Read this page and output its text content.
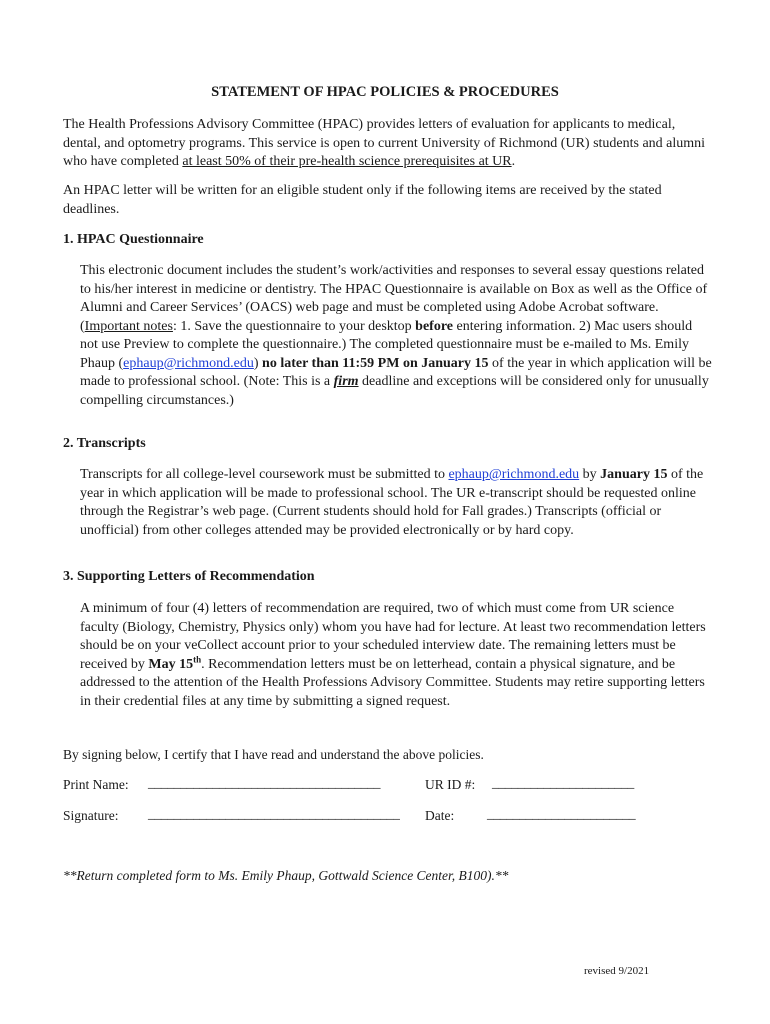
STATEMENT OF HPAC POLICIES & PROCEDURES
The Health Professions Advisory Committee (HPAC) provides letters of evaluation for applicants to medical, dental, and optometry programs. This service is open to current University of Richmond (UR) students and alumni who have completed at least 50% of their pre-health science prerequisites at UR.
An HPAC letter will be written for an eligible student only if the following items are received by the stated deadlines.
1. HPAC Questionnaire
This electronic document includes the student’s work/activities and responses to several essay questions related to his/her interest in medicine or dentistry. The HPAC Questionnaire is available on Box as well as the Office of Alumni and Career Services’ (OACS) web page and must be completed using Adobe Acrobat software. (Important notes: 1. Save the questionnaire to your desktop before entering information. 2) Mac users should not use Preview to complete the questionnaire.) The completed questionnaire must be e-mailed to Ms. Emily Phaup (ephaup@richmond.edu) no later than 11:59 PM on January 15 of the year in which application will be made to professional school. (Note: This is a firm deadline and exceptions will be considered only for unusually compelling circumstances.)
2. Transcripts
Transcripts for all college-level coursework must be submitted to ephaup@richmond.edu by January 15 of the year in which application will be made to professional school. The UR e-transcript should be requested online through the Registrar’s web page. (Current students should hold for Fall grades.) Transcripts (official or unofficial) from other colleges attended may be provided electronically or by hard copy.
3. Supporting Letters of Recommendation
A minimum of four (4) letters of recommendation are required, two of which must come from UR science faculty (Biology, Chemistry, Physics only) whom you have had for lecture. At least two recommendation letters should be on your veCollect account prior to your scheduled interview date. The remaining letters must be received by May 15th. Recommendation letters must be on letterhead, contain a physical signature, and be addressed to the attention of the Health Professions Advisory Committee. Students may retire supporting letters in their credential files at any time by submitting a signed request.
By signing below, I certify that I have read and understand the above policies.
Print Name: ____________________________________	UR ID #: ______________________
Signature: _______________________________________ Date: _______________________
**Return completed form to Ms. Emily Phaup, Gottwald Science Center, B100).**
revised 9/2021
